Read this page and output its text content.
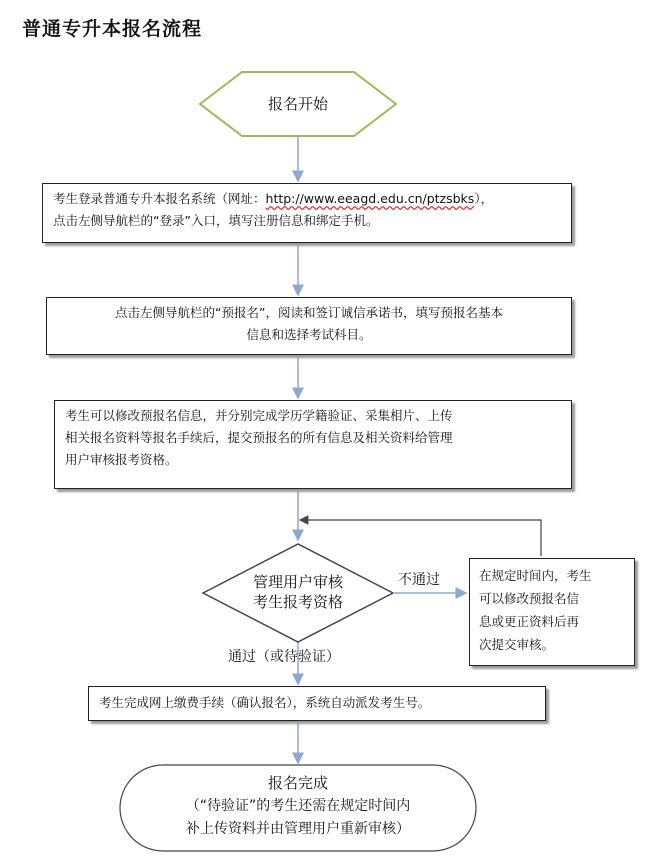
普通专升本报名流程
报名开始
考生登录普通专升本报名系统（网址：http://www.eeagd.edu.cn/ptzsbks），
点击左侧导航栏的“登录”入口，填写注册信息和绑定手机。
点击左侧导航栏的“预报名”，阅读和签订诚信承诺书，填写预报名基本
信息和选择考试科目。
考生可以修改预报名信息，并分别完成学历学籍验证、采集相片、上传
相关报名资料等报名手续后，提交预报名的所有信息及相关资料给管理
用户审核报考资格。
管理用户审核
考生报考资格
不通过	在规定时间内，考生
可以修改预报名信
息或更正资料后再
次提交审核。
通过（或待验证）
考生完成网上缴费手续（确认报名），系统自动派发考生号。
报名完成
（“待验证”的考生还需在规定时间内
补上传资料并由管理用户重新审核）
